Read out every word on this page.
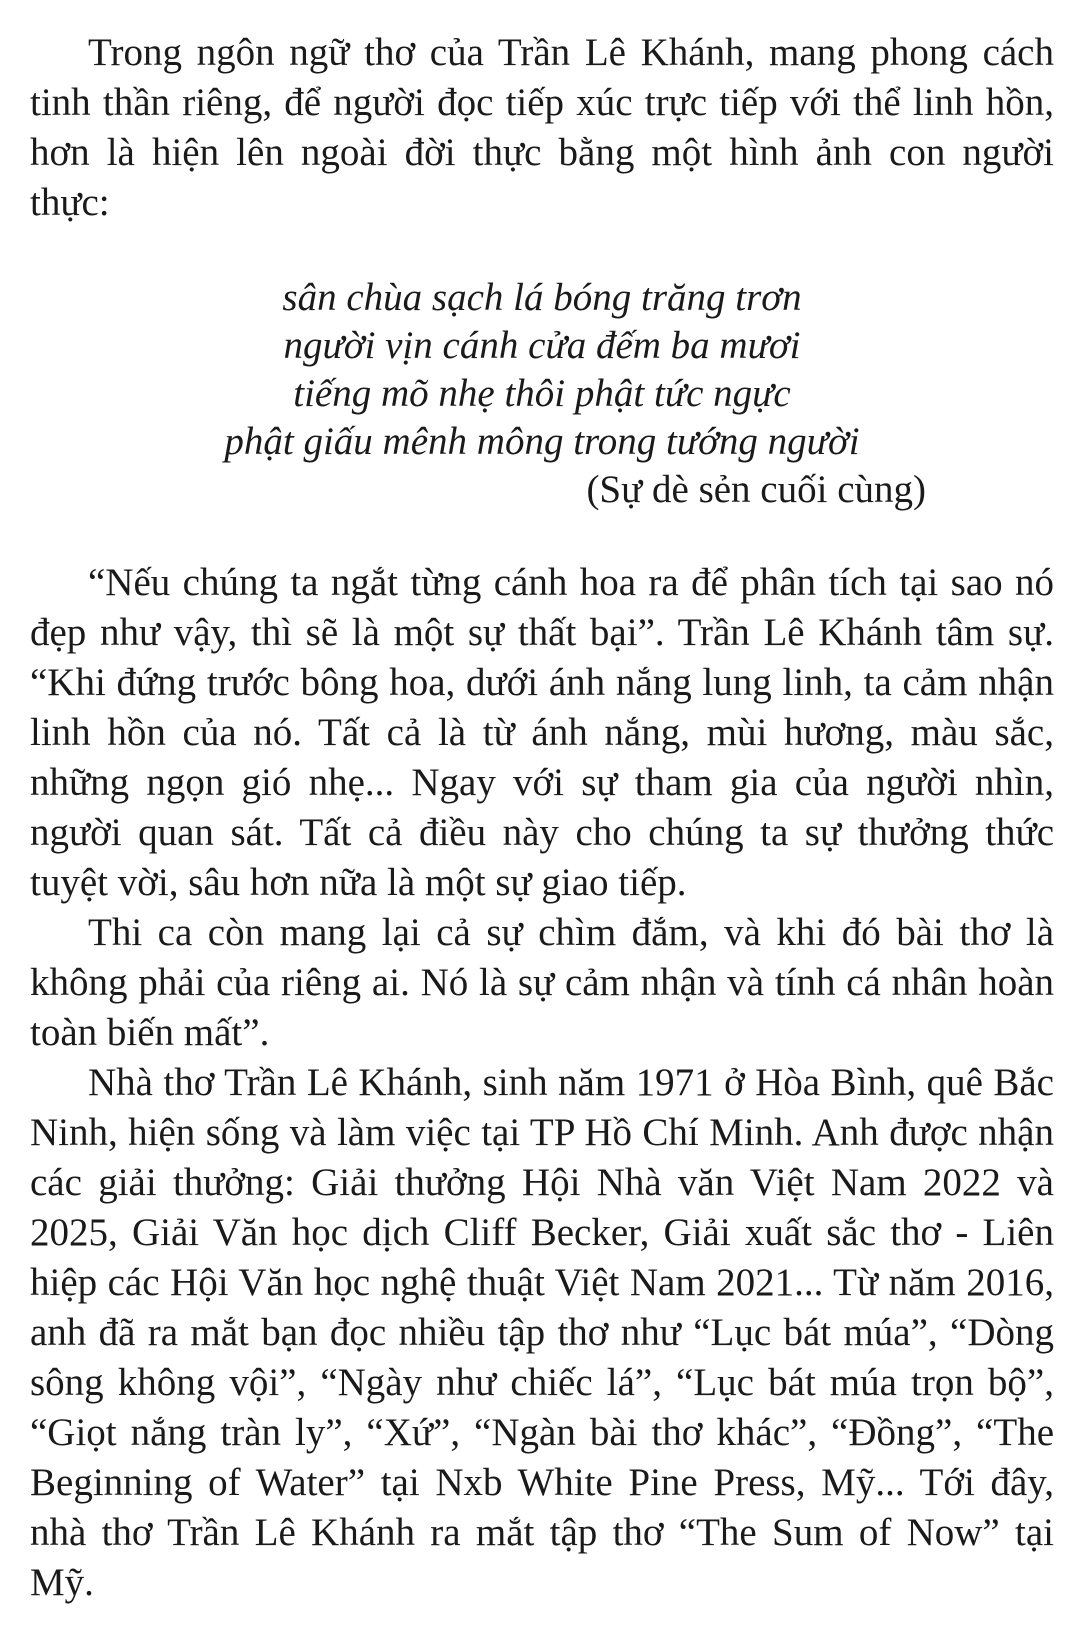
Trong ngôn ngữ thơ của Trần Lê Khánh, mang phong cách tinh thần riêng, để người đọc tiếp xúc trực tiếp với thể linh hồn, hơn là hiện lên ngoài đời thực bằng một hình ảnh con người thực:

sân chùa sạch lá bóng trăng trơn
người vịn cánh cửa đếm ba mươi
tiếng mõ nhẹ thôi phật tức ngực
phật giấu mênh mông trong tướng người
(Sự dè sẻn cuối cùng)

“Nếu chúng ta ngắt từng cánh hoa ra để phân tích tại sao nó đẹp như vậy, thì sẽ là một sự thất bại”. Trần Lê Khánh tâm sự. “Khi đứng trước bông hoa, dưới ánh nắng lung linh, ta cảm nhận linh hồn của nó. Tất cả là từ ánh nắng, mùi hương, màu sắc, những ngọn gió nhẹ... Ngay với sự tham gia của người nhìn, người quan sát. Tất cả điều này cho chúng ta sự thưởng thức tuyệt vời, sâu hơn nữa là một sự giao tiếp.

Thi ca còn mang lại cả sự chìm đắm, và khi đó bài thơ là không phải của riêng ai. Nó là sự cảm nhận và tính cá nhân hoàn toàn biến mất”.

Nhà thơ Trần Lê Khánh, sinh năm 1971 ở Hòa Bình, quê Bắc Ninh, hiện sống và làm việc tại TP Hồ Chí Minh. Anh được nhận các giải thưởng: Giải thưởng Hội Nhà văn Việt Nam 2022 và 2025, Giải Văn học dịch Cliff Becker, Giải xuất sắc thơ - Liên hiệp các Hội Văn học nghệ thuật Việt Nam 2021... Từ năm 2016, anh đã ra mắt bạn đọc nhiều tập thơ như “Lục bát múa”, “Dòng sông không vội”, “Ngày như chiếc lá”, “Lục bát múa trọn bộ”, “Giọt nắng tràn ly”, “Xứ”, “Ngàn bài thơ khác”, “Đồng”, “The Beginning of Water” tại Nxb White Pine Press, Mỹ... Tới đây, nhà thơ Trần Lê Khánh ra mắt tập thơ “The Sum of Now” tại Mỹ.
